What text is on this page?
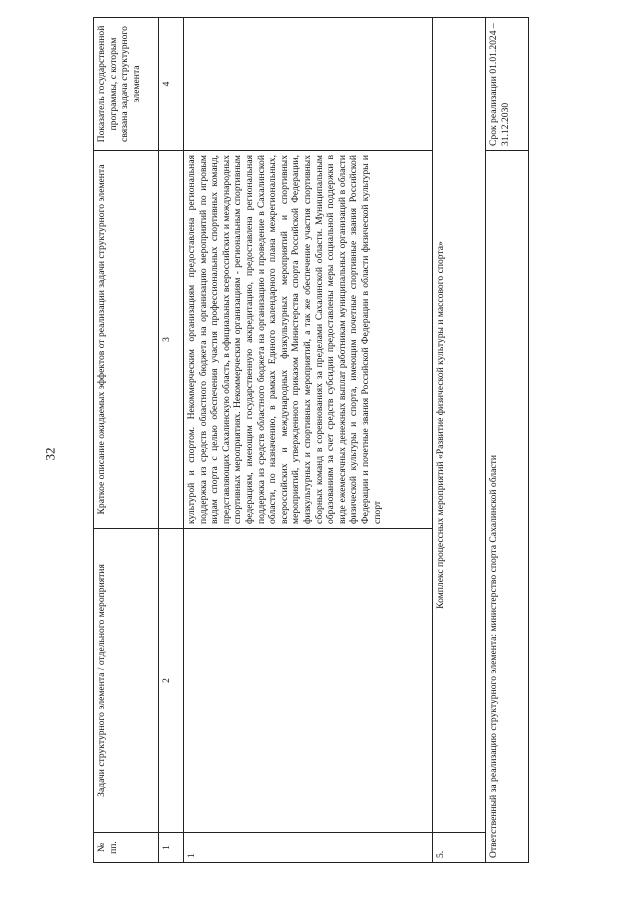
32
№ пп.	Задачи структурного элемента / отдельного мероприятия	Краткое описание ожидаемых эффектов от реализации задачи структурного элемента	Показатель государственной программы, с которым связана задача структурного элемента
1	2	3	4
1		культурой и спортом. Некоммерческим организациям предоставлена региональная поддержка из средств областного бюджета на организацию мероприятий по игровым видам спорта с целью обеспечения участия профессиональных спортивных команд, представляющих Сахалинскую область, в официальных всероссийских и международных спортивных мероприятиях. Некоммерческим организациям - региональным спортивным федерациям, имеющим государственную аккредитацию, предоставлена региональная поддержка из средств областного бюджета на организацию и проведение в Сахалинской области, по назначению, в рамках Единого календарного плана межрегиональных, всероссийских и международных физкультурных мероприятий и спортивных мероприятий, утвержденного приказом Министерства спорта Российской Федерации, физкультурных и спортивных мероприятий, а так же обеспечение участия спортивных сборных команд в соревнованиях за пределами Сахалинской области. Муниципальным образованиям за счет средств субсидии предоставлены меры социальной поддержки в виде ежемесячных денежных выплат работникам муниципальных организаций в области физической культуры и спорта, имеющим почетные спортивные звания Российской Федерации и почетные звания Российской Федерации в области физической культуры и спорт	
5.	Комплекс процессных мероприятий «Развитие физической культуры и массового спорта»		
Ответственный за реализацию структурного элемента: министерство спорта Сахалинской области			Срок реализации 01.01.2024 – 31.12.2030
